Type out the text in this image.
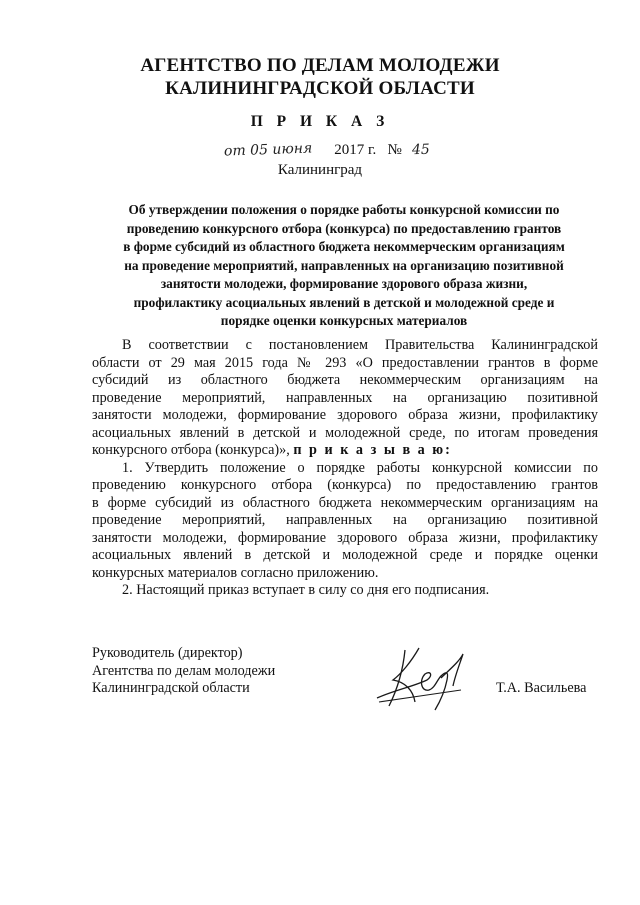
АГЕНТСТВО ПО ДЕЛАМ МОЛОДЕЖИ
КАЛИНИНГРАДСКОЙ ОБЛАСТИ
П Р И К А З
от 05 июня 2017 г. № 45
Калининград
Об утверждении положения о порядке работы конкурсной комиссии по
проведению конкурсного отбора (конкурса) по предоставлению грантов
в форме субсидий из областного бюджета некоммерческим организациям
на проведение мероприятий, направленных на организацию позитивной
занятости молодежи, формирование здорового образа жизни,
профилактику асоциальных явлений в детской и молодежной среде и
порядке оценки конкурсных материалов
В соответствии с постановлением Правительства Калининградской
области от 29 мая 2015 года № 293 «О предоставлении грантов в форме
субсидий из областного бюджета некоммерческим организациям на
проведение мероприятий, направленных на организацию позитивной
занятости молодежи, формирование здорового образа жизни, профилактику
асоциальных явлений в детской и молодежной среде, по итогам проведения
конкурсного отбора (конкурса)», п р и к а з ы в а ю:
1. Утвердить положение о порядке работы конкурсной комиссии по
проведению конкурсного отбора (конкурса) по предоставлению грантов
в форме субсидий из областного бюджета некоммерческим организациям на
проведение мероприятий, направленных на организацию позитивной
занятости молодежи, формирование здорового образа жизни, профилактику
асоциальных явлений в детской и молодежной среде и порядке оценки
конкурсных материалов согласно приложению.
2. Настоящий приказ вступает в силу со дня его подписания.
Руководитель (директор)
Агентства по делам молодежи
Калининградской области	Т.А. Васильева
